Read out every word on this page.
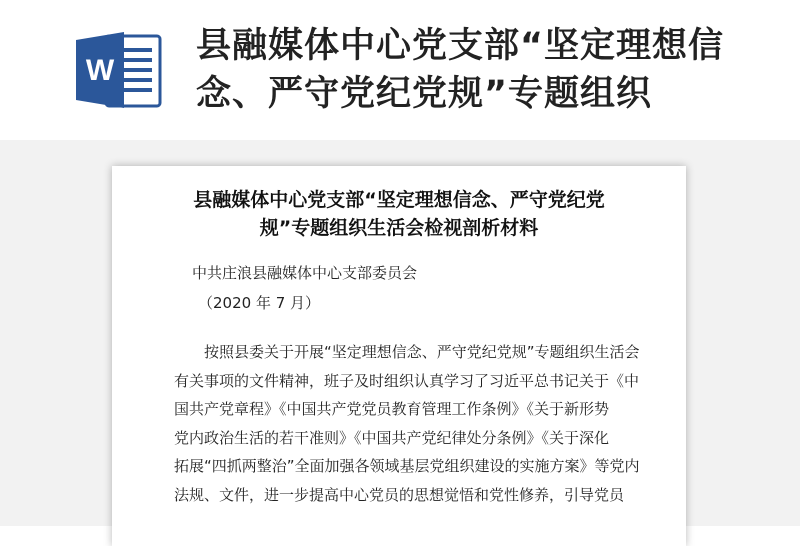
W
县融媒体中心党支部“坚定理想信念、严守党纪党规”专题组织
县融媒体中心党支部“坚定理想信念、严守党纪党
规”专题组织生活会检视剖析材料
中共庄浪县融媒体中心支部委员会
（2020 年 7 月）
　　按照县委关于开展“坚定理想信念、严守党纪党规”专题组织生活会
有关事项的文件精神，班子及时组织认真学习了习近平总书记关于《中
国共产党章程》《中国共产党党员教育管理工作条例》《关于新形势
党内政治生活的若干准则》《中国共产党纪律处分条例》《关于深化
拓展“四抓两整治”全面加强各领域基层党组织建设的实施方案》等党内
法规、文件，进一步提高中心党员的思想觉悟和党性修养，引导党员
